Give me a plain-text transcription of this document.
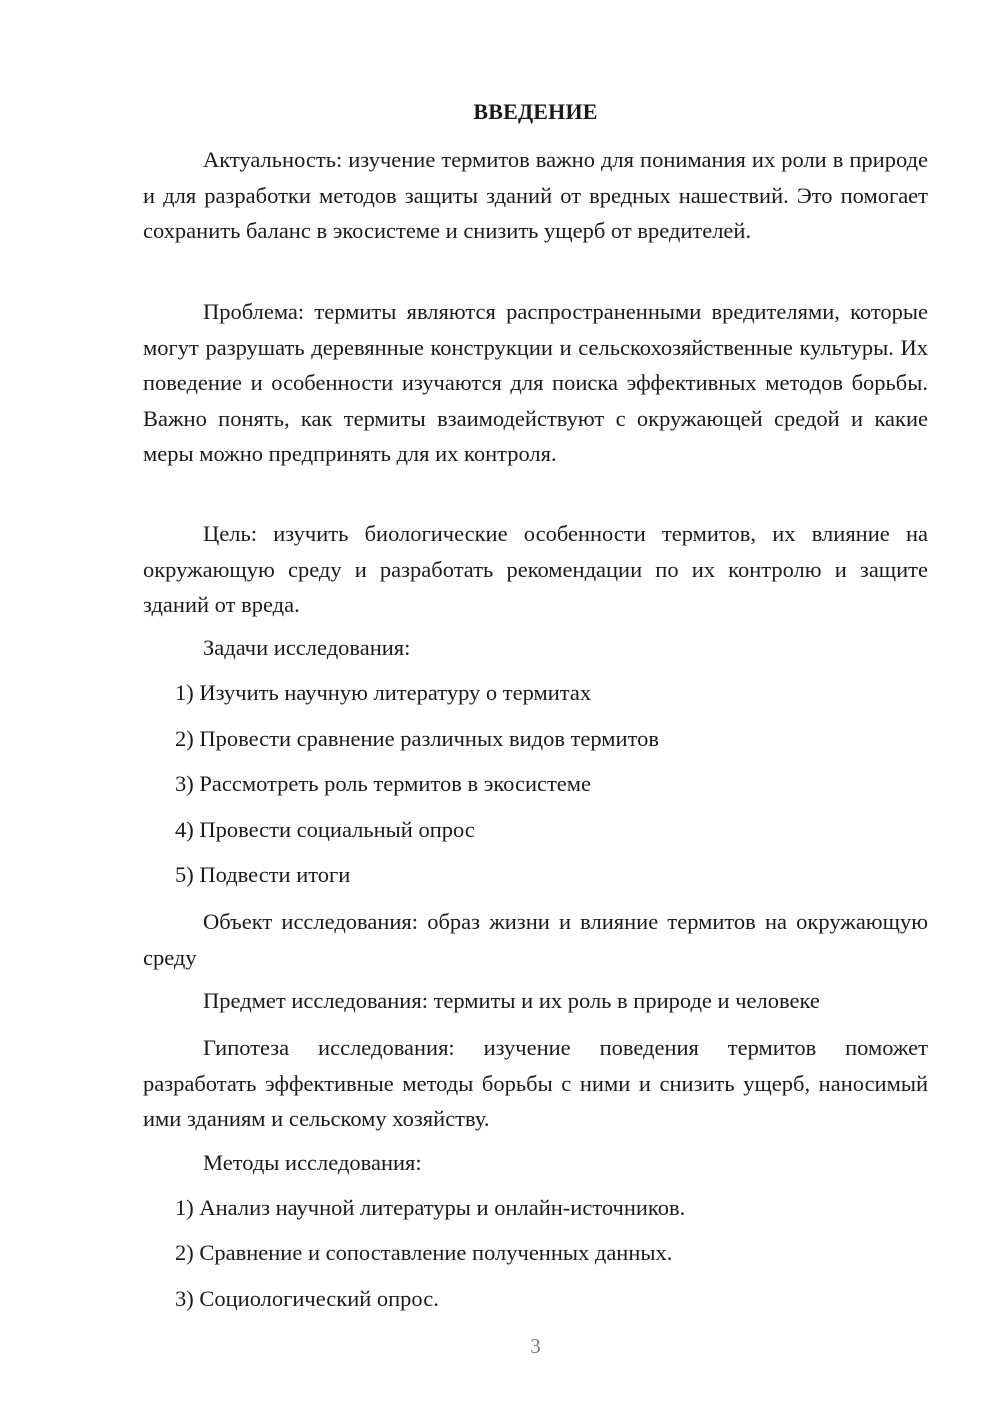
ВВЕДЕНИЕ

Актуальность: изучение термитов важно для понимания их роли в природе и для разработки методов защиты зданий от вредных нашествий. Это помогает сохранить баланс в экосистеме и снизить ущерб от вредителей.

Проблема: термиты являются распространенными вредителями, которые могут разрушать деревянные конструкции и сельскохозяйственные культуры. Их поведение и особенности изучаются для поиска эффективных методов борьбы. Важно понять, как термиты взаимодействуют с окружающей средой и какие меры можно предпринять для их контроля.

Цель: изучить биологические особенности термитов, их влияние на окружающую среду и разработать рекомендации по их контролю и защите зданий от вреда.

Задачи исследования:

1) Изучить научную литературу о термитах

2) Провести сравнение различных видов термитов

3) Рассмотреть роль термитов в экосистеме

4) Провести социальный опрос

5) Подвести итоги

Объект исследования: образ жизни и влияние термитов на окружающую среду

Предмет исследования: термиты и их роль в природе и человеке

Гипотеза исследования: изучение поведения термитов поможет разработать эффективные методы борьбы с ними и снизить ущерб, наносимый ими зданиям и сельскому хозяйству.

Методы исследования:

1) Анализ научной литературы и онлайн-источников.

2) Сравнение и сопоставление полученных данных.

3) Социологический опрос.

3
